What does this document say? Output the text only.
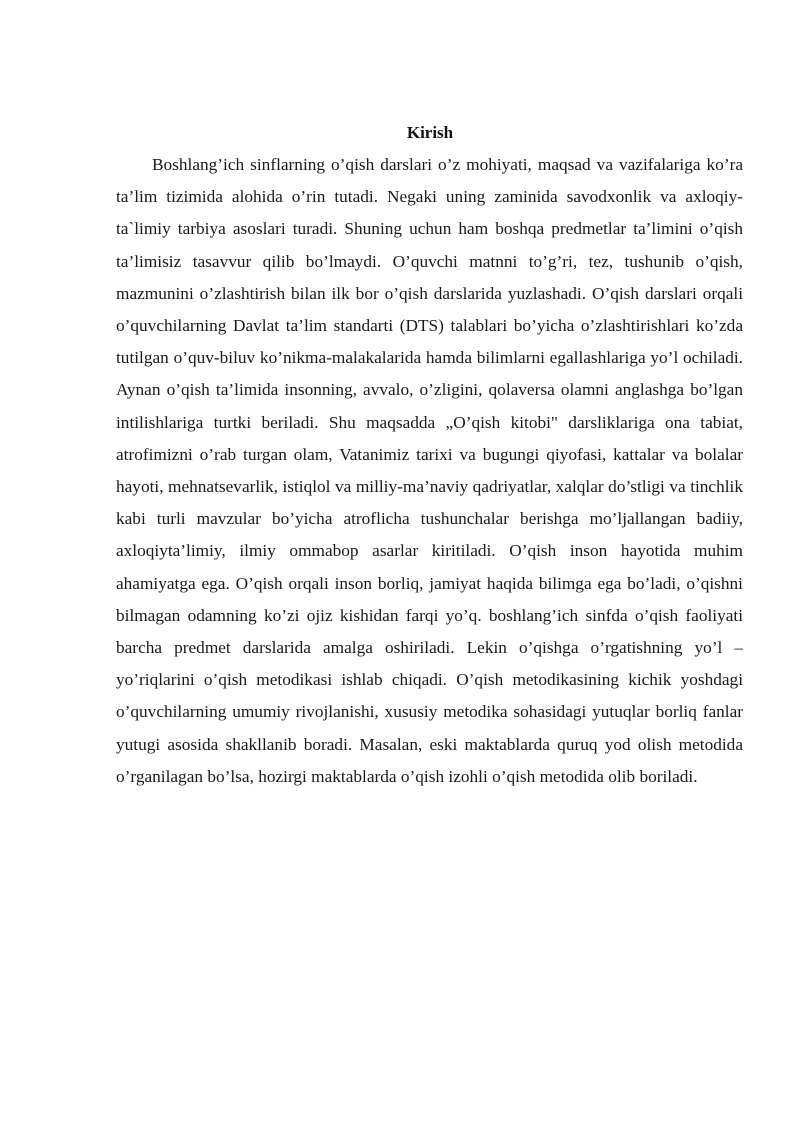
Kirish

Boshlang’ich sinflarning o’qish darslari o’z mohiyati, maqsad va vazifalariga ko’ra ta’lim tizimida alohida o’rin tutadi. Negaki uning zaminida savodxonlik va axloqiy-ta`limiy tarbiya asoslari turadi. Shuning uchun ham boshqa predmetlar ta’limini o’qish ta’limisiz tasavvur qilib bo’lmaydi. O’quvchi matnni to’g’ri, tez, tushunib o’qish, mazmunini o’zlashtirish bilan ilk bor o’qish darslarida yuzlashadi. O’qish darslari orqali o’quvchilarning Davlat ta’lim standarti (DTS) talablari bo’yicha o’zlashtirishlari ko’zda tutilgan o’quv-biluv ko’nikma-malakalarida hamda bilimlarni egallashlariga yo’l ochiladi. Aynan o’qish ta’limida insonning, avvalo, o’zligini, qolaversa olamni anglashga bo’lgan intilishlariga turtki beriladi. Shu maqsadda „O’qish kitobi" darsliklariga ona tabiat, atrofimizni o’rab turgan olam, Vatanimiz tarixi va bugungi qiyofasi, kattalar va bolalar hayoti, mehnatsevarlik, istiqlol va milliy-ma’naviy qadriyatlar, xalqlar do’stligi va tinchlik kabi turli mavzular bo’yicha atroflicha tushunchalar berishga mo’ljallangan badiiy, axloqiyta’limiy, ilmiy ommabop asarlar kiritiladi. O’qish inson hayotida muhim ahamiyatga ega. O’qish orqali inson borliq, jamiyat haqida bilimga ega bo’ladi, o’qishni bilmagan odamning ko’zi ojiz kishidan farqi yo’q. boshlang’ich sinfda o’qish faoliyati barcha predmet darslarida amalga oshiriladi. Lekin o’qishga o’rgatishning yo’l – yo’riqlarini o’qish metodikasi ishlab chiqadi. O’qish metodikasining kichik yoshdagi o’quvchilarning umumiy rivojlanishi, xususiy metodika sohasidagi yutuqlar borliq fanlar yutugi asosida shakllanib boradi. Masalan, eski maktablarda quruq yod olish metodida o’rganilagan bo’lsa, hozirgi maktablarda o’qish izohli o’qish metodida olib boriladi.
